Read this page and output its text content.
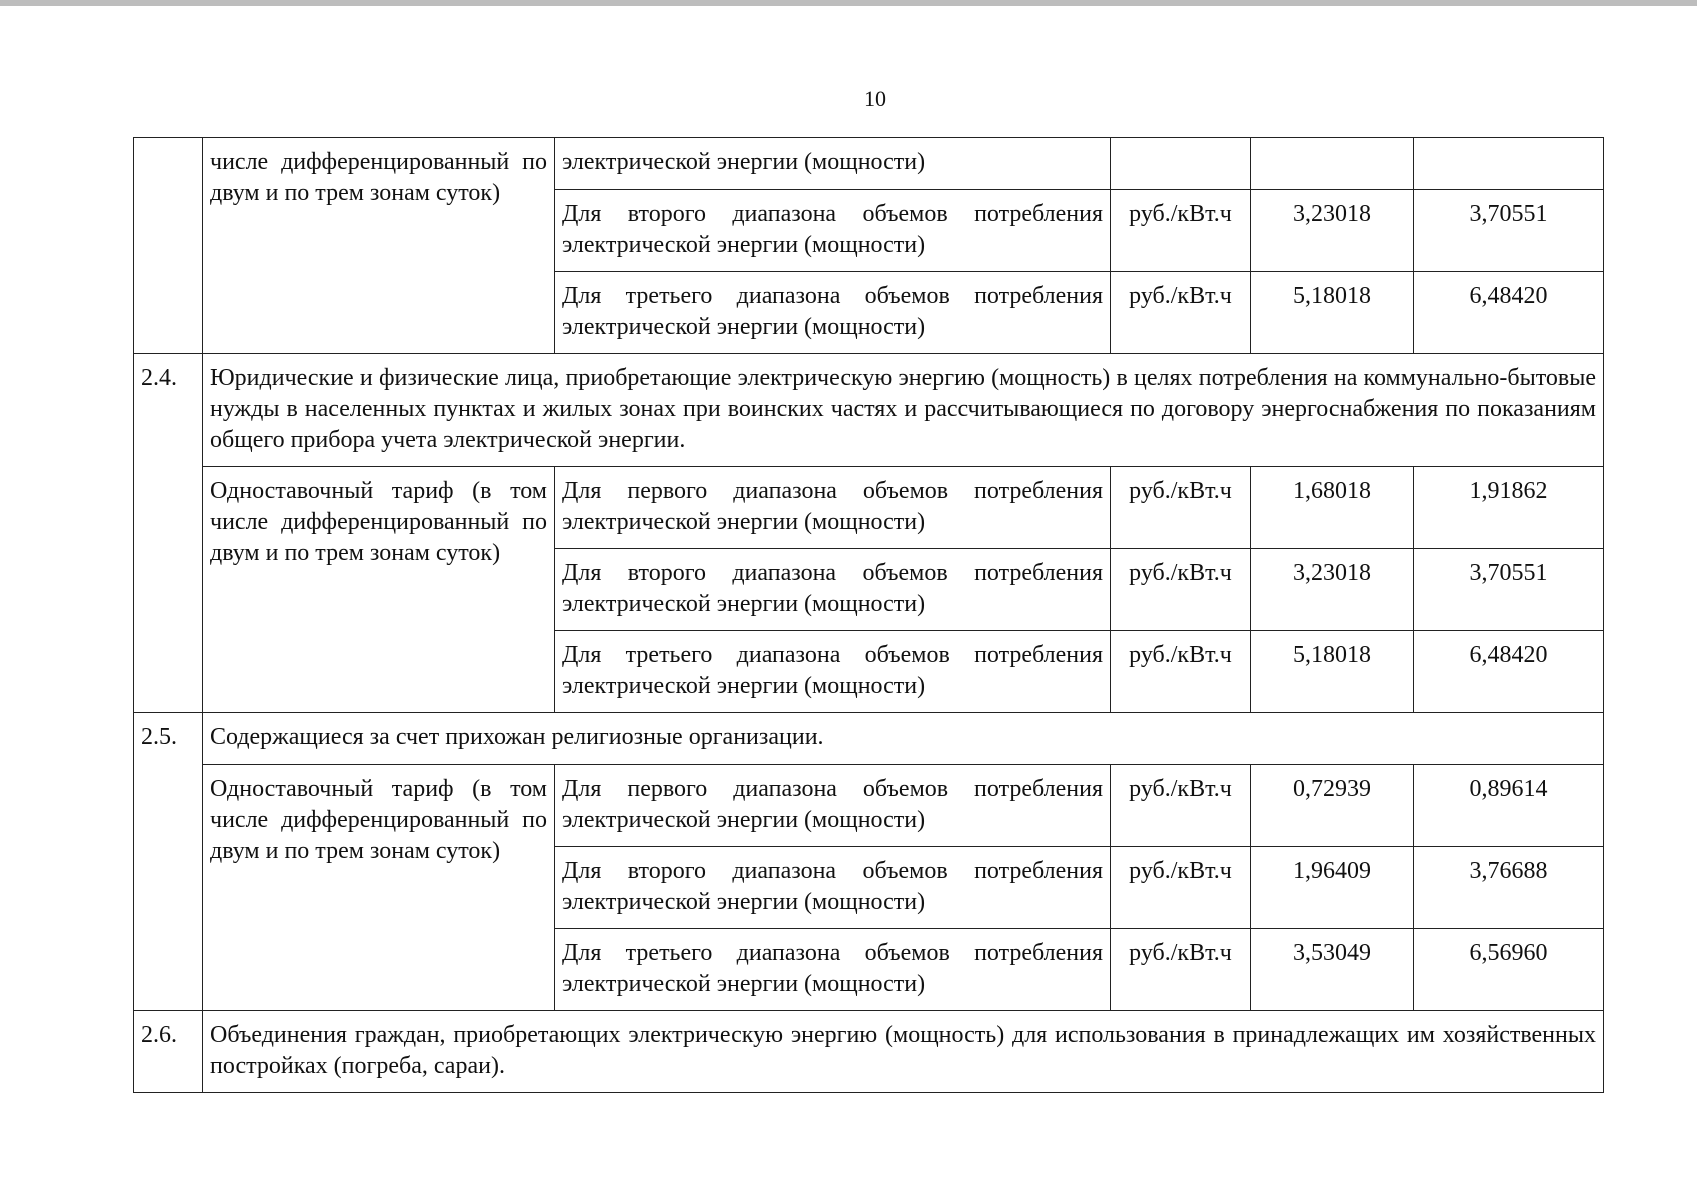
10
	числе дифференцированный по двум и по трем зонам суток)	электрической энергии (мощности)			
		Для второго диапазона объемов потребления электрической энергии (мощности)	руб./кВт.ч	3,23018	3,70551
		Для третьего диапазона объемов потребления электрической энергии (мощности)	руб./кВт.ч	5,18018	6,48420
2.4.	Юридические и физические лица, приобретающие электрическую энергию (мощность) в целях потребления на коммунально-бытовые нужды в населенных пунктах и жилых зонах при воинских частях и рассчитывающиеся по договору энергоснабжения по показаниям общего прибора учета электрической энергии.				
	Одноставочный тариф (в том числе дифференцированный по двум и по трем зонам суток)	Для первого диапазона объемов потребления электрической энергии (мощности)	руб./кВт.ч	1,68018	1,91862
		Для второго диапазона объемов потребления электрической энергии (мощности)	руб./кВт.ч	3,23018	3,70551
		Для третьего диапазона объемов потребления электрической энергии (мощности)	руб./кВт.ч	5,18018	6,48420
2.5.	Содержащиеся за счет прихожан религиозные организации.				
	Одноставочный тариф (в том числе дифференцированный по двум и по трем зонам суток)	Для первого диапазона объемов потребления электрической энергии (мощности)	руб./кВт.ч	0,72939	0,89614
		Для второго диапазона объемов потребления электрической энергии (мощности)	руб./кВт.ч	1,96409	3,76688
		Для третьего диапазона объемов потребления электрической энергии (мощности)	руб./кВт.ч	3,53049	6,56960
2.6.	Объединения граждан, приобретающих электрическую энергию (мощность) для использования в принадлежащих им хозяйственных постройках (погреба, сараи).				
